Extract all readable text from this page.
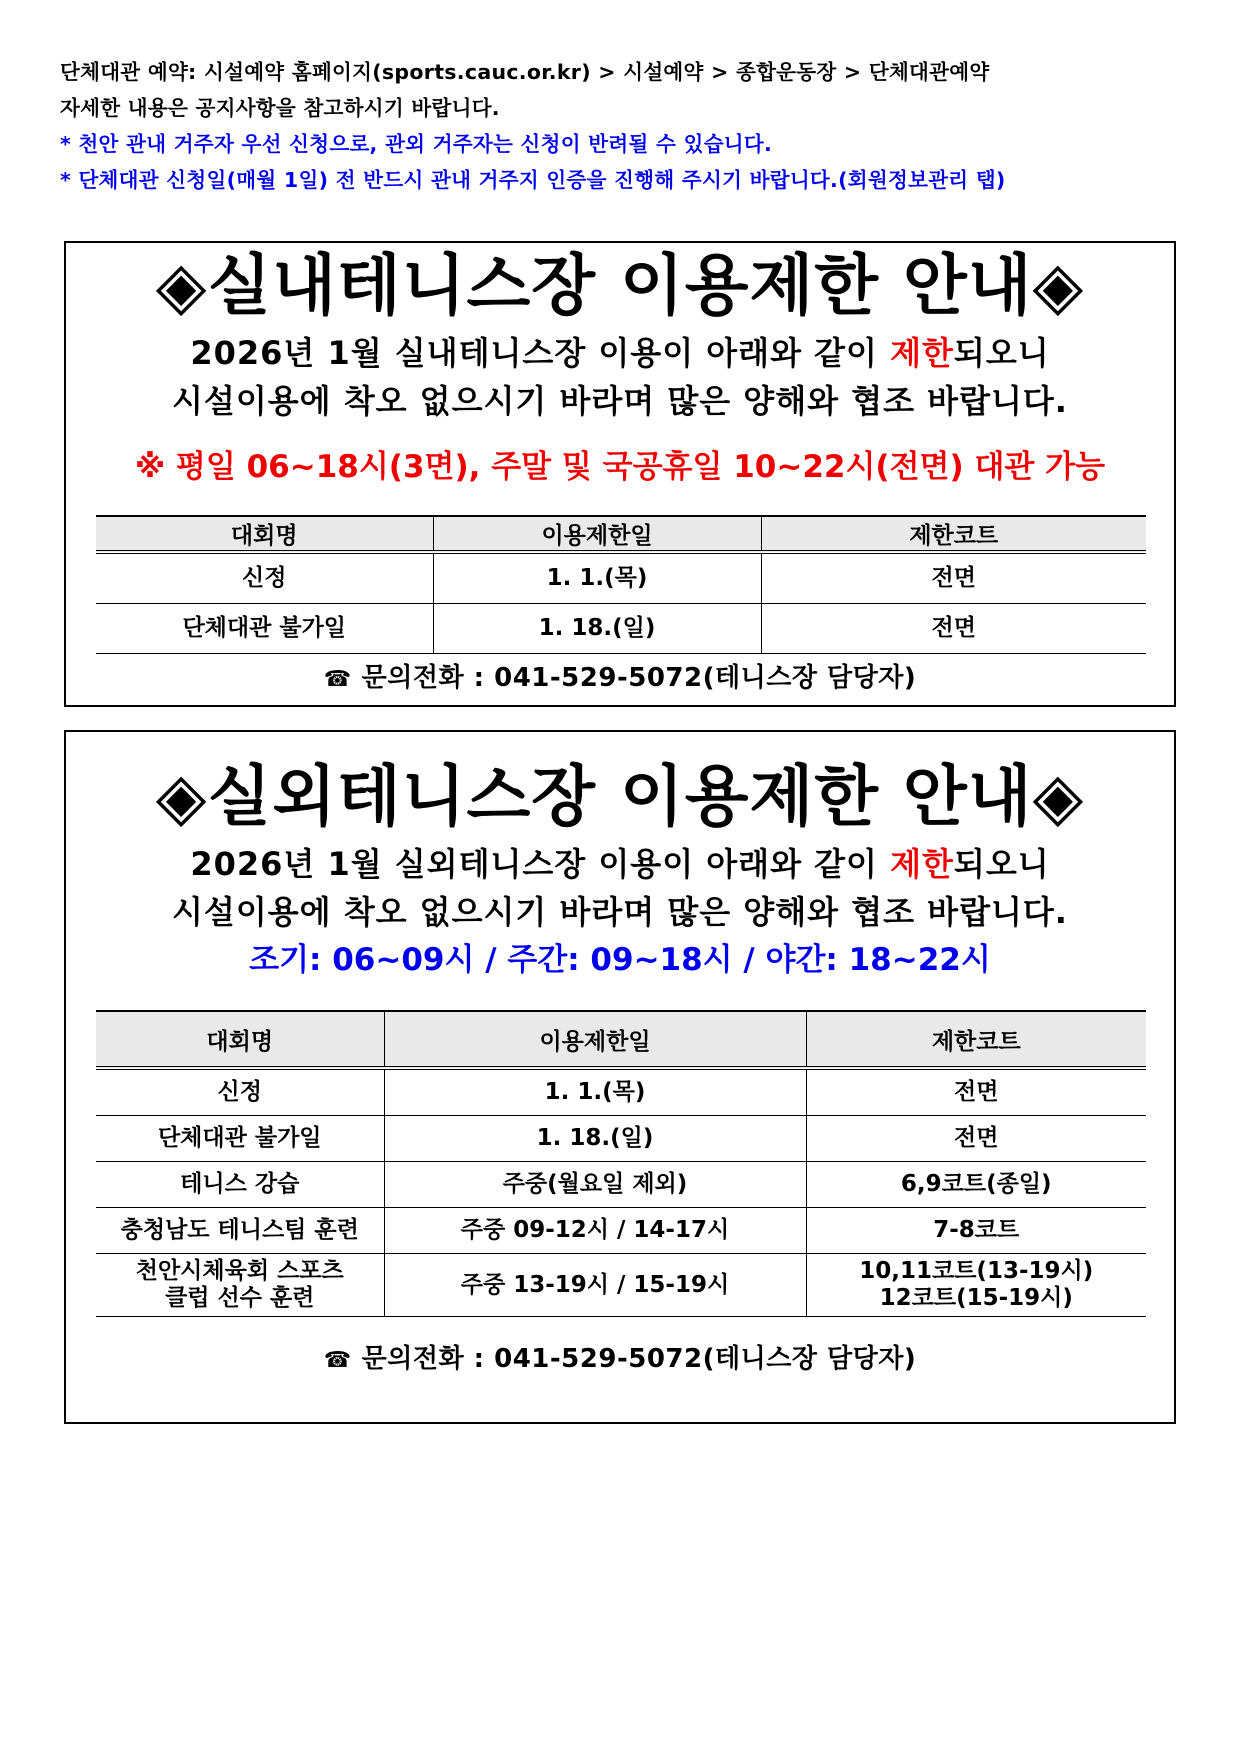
단체대관 예약: 시설예약 홈페이지(sports.cauc.or.kr) > 시설예약 > 종합운동장 > 단체대관예약

자세한 내용은 공지사항을 참고하시기 바랍니다.

* 천안 관내 거주자 우선 신청으로, 관외 거주자는 신청이 반려될 수 있습니다.

* 단체대관 신청일(매월 1일) 전 반드시 관내 거주지 인증을 진행해 주시기 바랍니다.(회원정보관리 탭)

◈실내테니스장 이용제한 안내◈

2026년 1월 실내테니스장 이용이 아래와 같이 제한되오니

시설이용에 착오 없으시기 바라며 많은 양해와 협조 바랍니다.

※ 평일 06~18시(3면), 주말 및 국공휴일 10~22시(전면) 대관 가능

대회명	이용제한일	제한코트
신정	1. 1.(목)	전면
단체대관 불가일	1. 18.(일)	전면
☎ 문의전화 : 041-529-5072(테니스장 담당자)
◈실외테니스장 이용제한 안내◈

2026년 1월 실외테니스장 이용이 아래와 같이 제한되오니

시설이용에 착오 없으시기 바라며 많은 양해와 협조 바랍니다.

조기: 06~09시 / 주간: 09~18시 / 야간: 18~22시

대회명	이용제한일	제한코트
신정	1. 1.(목)	전면
단체대관 불가일	1. 18.(일)	전면
테니스 강습	주중(월요일 제외)	6,9코트(종일)
충청남도 테니스팀 훈련	주중 09-12시 / 14-17시	7-8코트
천안시체육회 스포츠
클럽 선수 훈련	주중 13-19시 / 15-19시	10,11코트(13-19시)
12코트(15-19시)
☎ 문의전화 : 041-529-5072(테니스장 담당자)
